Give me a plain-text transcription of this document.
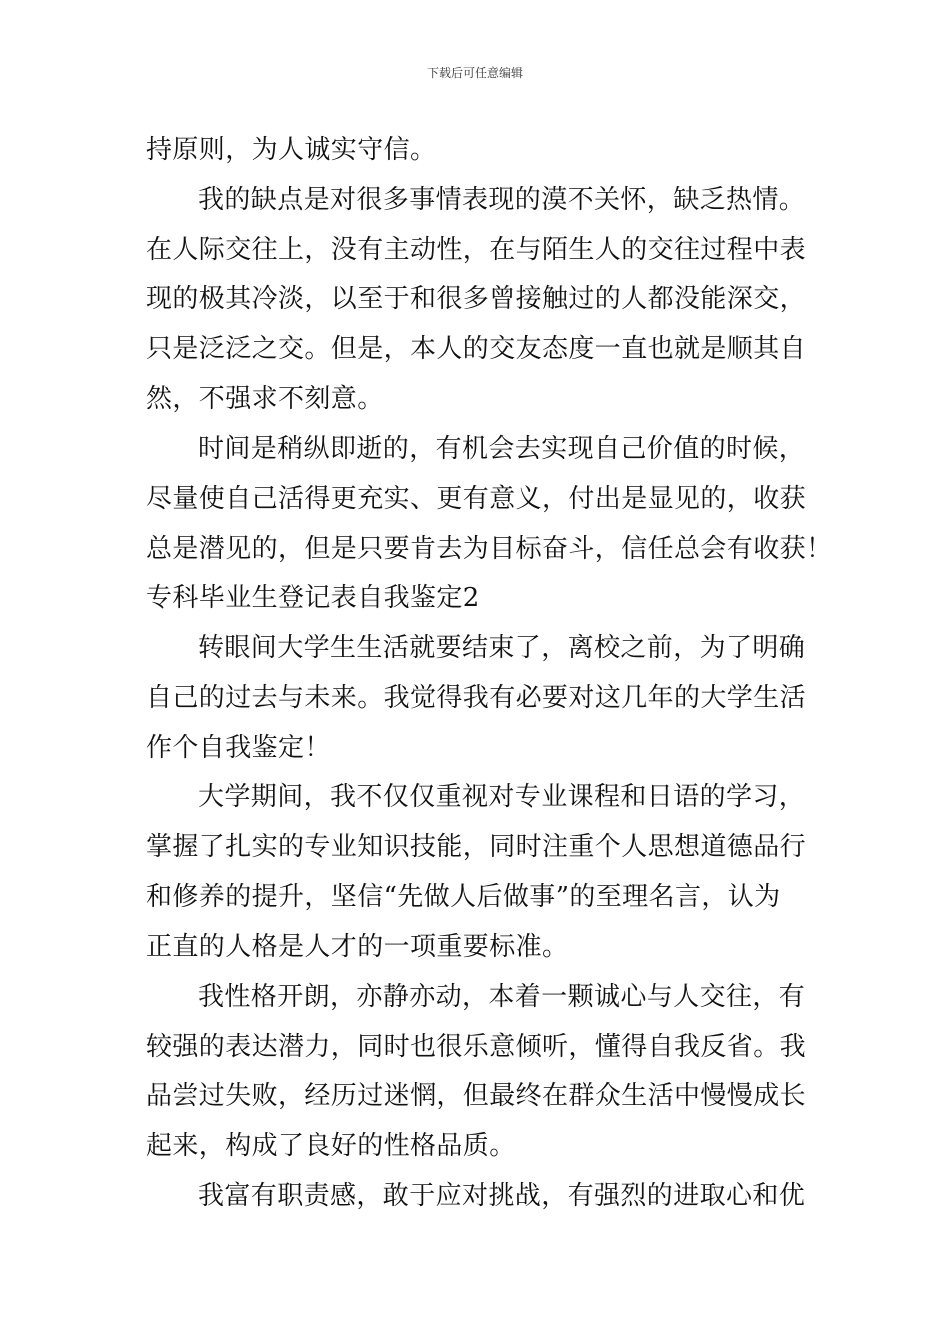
下载后可任意编辑
持原则，为人诚实守信。
我的缺点是对很多事情表现的漠不关怀，缺乏热情。
在人际交往上，没有主动性，在与陌生人的交往过程中表
现的极其冷淡，以至于和很多曾接触过的人都没能深交，
只是泛泛之交。但是，本人的交友态度一直也就是顺其自
然，不强求不刻意。
时间是稍纵即逝的，有机会去实现自己价值的时候，
尽量使自己活得更充实、更有意义，付出是显见的，收获
总是潜见的，但是只要肯去为目标奋斗，信任总会有收获！
专科毕业生登记表自我鉴定2
转眼间大学生生活就要结束了，离校之前，为了明确
自己的过去与未来。我觉得我有必要对这几年的大学生活
作个自我鉴定！
大学期间，我不仅仅重视对专业课程和日语的学习，
掌握了扎实的专业知识技能，同时注重个人思想道德品行
和修养的提升，坚信“先做人后做事”的至理名言，认为
正直的人格是人才的一项重要标准。
我性格开朗，亦静亦动，本着一颗诚心与人交往，有
较强的表达潜力，同时也很乐意倾听，懂得自我反省。我
品尝过失败，经历过迷惘，但最终在群众生活中慢慢成长
起来，构成了良好的性格品质。
我富有职责感，敢于应对挑战，有强烈的进取心和优
